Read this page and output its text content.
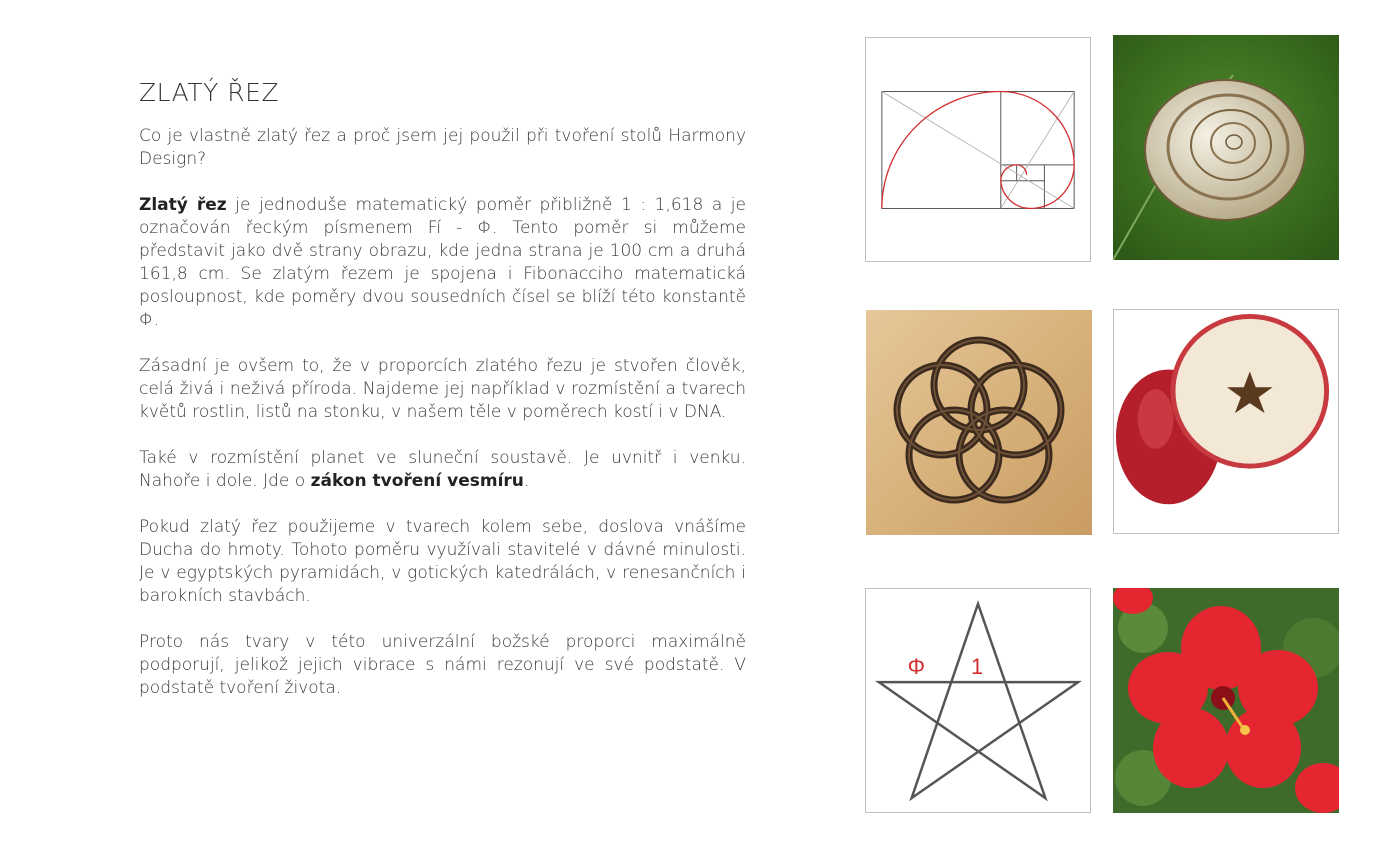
ZLATÝ ŘEZ

Co je vlastně zlatý řez a proč jsem jej použil při tvoření stolů Harmony Design?

Zlatý řez je jednoduše matematický poměr přibližně 1 : 1,618 a je označován řeckým písmenem Fí - Φ. Tento poměr si můžeme představit jako dvě strany obrazu, kde jedna strana je 100 cm a druhá 161,8 cm. Se zlatým řezem je spojena i Fibonacciho matematická posloupnost, kde poměry dvou sousedních čísel se blíží této konstantě Φ.

Zásadní je ovšem to, že v proporcích zlatého řezu je stvořen člověk, celá živá i neživá příroda. Najdeme jej například v rozmístění a tvarech květů rostlin, listů na stonku, v našem těle v poměrech kostí i v DNA.

Také v rozmístění planet ve sluneční soustavě. Je uvnitř i venku. Nahoře i dole. Jde o zákon tvoření vesmíru.

Pokud zlatý řez použijeme v tvarech kolem sebe, doslova vnášíme Ducha do hmoty. Tohoto poměru využívali stavitelé v dávné minulosti. Je v egyptských pyramidách, v gotických katedrálách, v renesančních i barokních stavbách.

Proto nás tvary v této univerzální božské proporci maximálně podporují, jelikož jejich vibrace s námi rezonují ve své podstatě. V podstatě tvoření života.

Φ 1
